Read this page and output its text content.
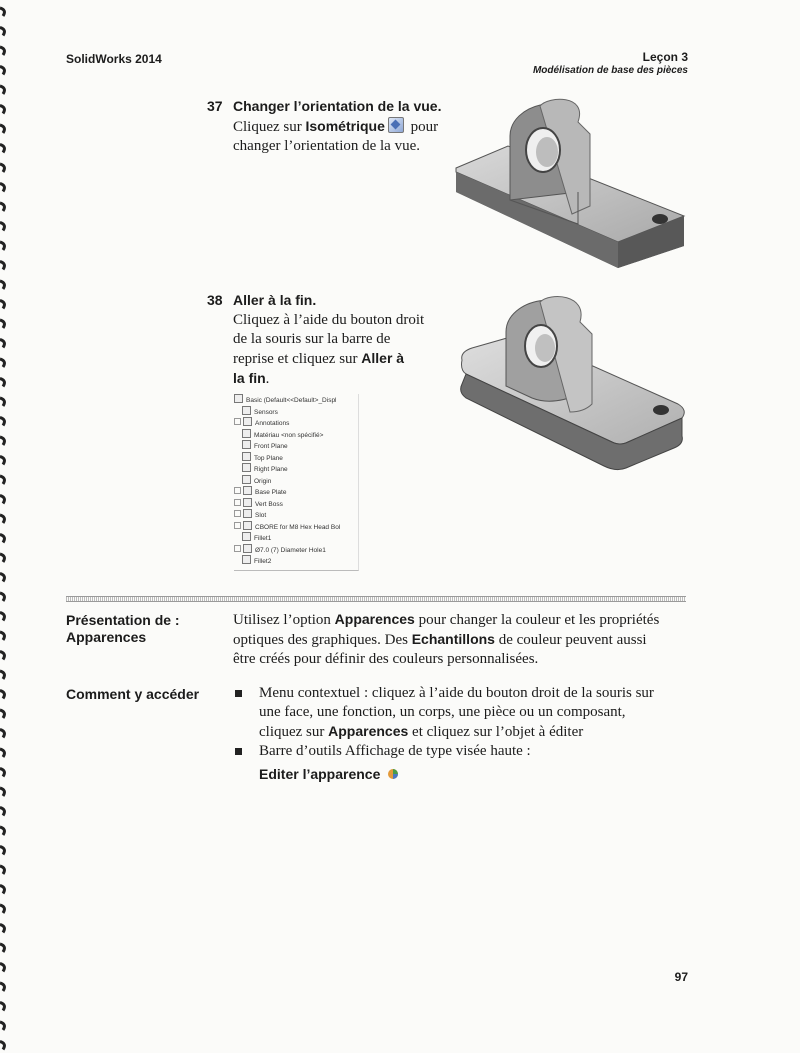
SolidWorks 2014	Leçon 3
Modélisation de base des pièces
37 Changer l’orientation de la vue.
Cliquez sur Isométrique pour
changer l’orientation de la vue.
38 Aller à la fin.
Cliquez à l’aide du bouton droit
de la souris sur la barre de
reprise et cliquez sur Aller à
la fin.
Basic (Default<<Default>_Displ
Sensors
Annotations
Matériau <non spécifié>
Front Plane
Top Plane
Right Plane
Origin
Base Plate
Vert Boss
Slot
CBORE for M8 Hex Head Bol
Fillet1
Ø7.0 (7) Diameter Hole1
Fillet2
Présentation de :
Apparences
Utilisez l’option Apparences pour changer la couleur et les propriétés
optiques des graphiques. Des Echantillons de couleur peuvent aussi
être créés pour définir des couleurs personnalisées.
Comment y accéder	Menu contextuel : cliquez à l’aide du bouton droit de la souris sur
une face, une fonction, un corps, une pièce ou un composant,
cliquez sur Apparences et cliquez sur l’objet à éditer
Barre d’outils Affichage de type visée haute :

Editer l’apparence
97
